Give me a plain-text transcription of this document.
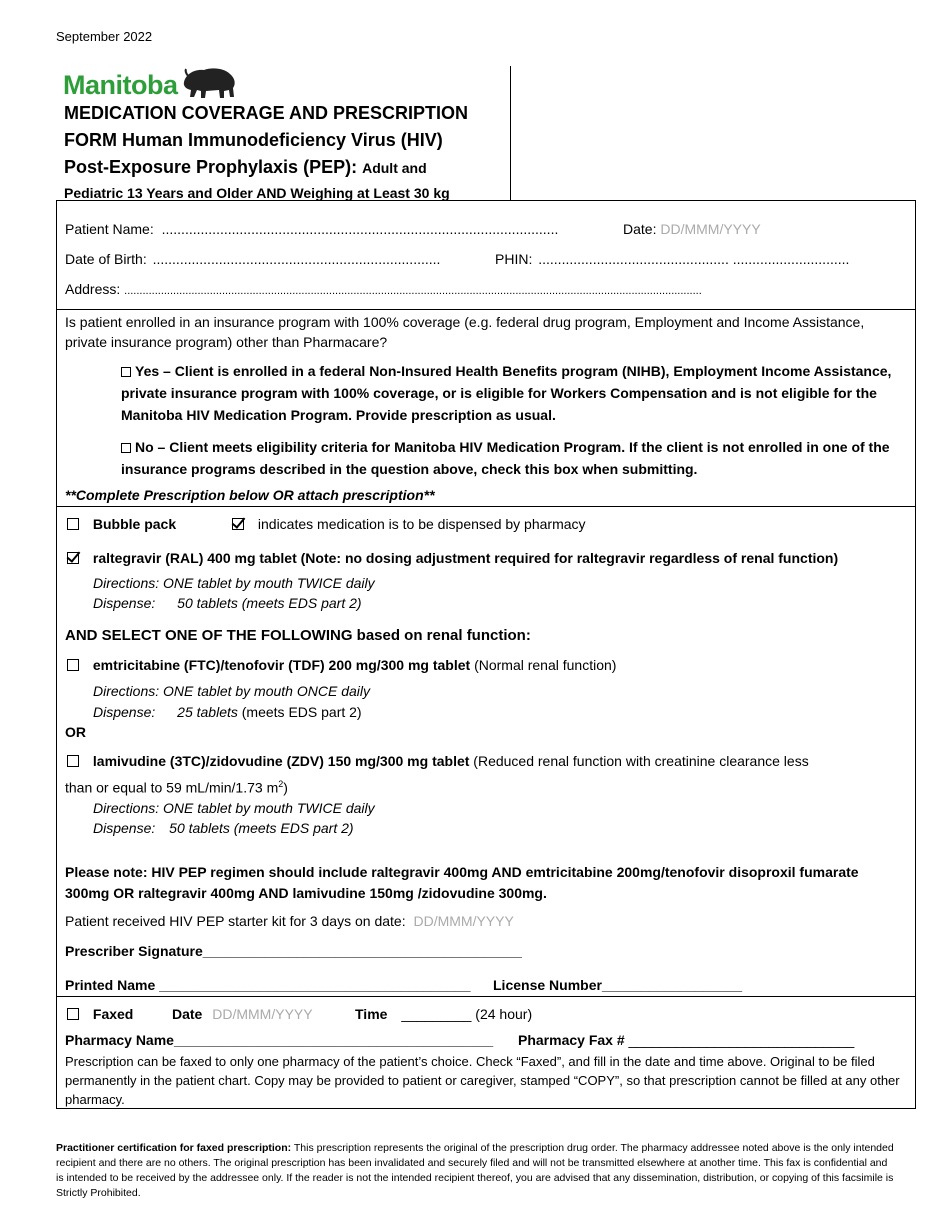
September 2022
Manitoba
MEDICATION COVERAGE AND PRESCRIPTION
FORM Human Immunodeficiency Virus (HIV)
Post-Exposure Prophylaxis (PEP): Adult and
Pediatric 13 Years and Older AND Weighing at Least 30 kg
Patient Name: ......................................................................................................	Date: DD/MMM/YYYY
Date of Birth: ..........................................................................	PHIN: ................................................. ..............................
Address: .............................................................................................................................................................................................
Is patient enrolled in an insurance program with 100% coverage (e.g. federal drug program, Employment and Income Assistance, private insurance program) other than Pharmacare?
Yes – Client is enrolled in a federal Non-Insured Health Benefits program (NIHB), Employment Income Assistance, private insurance program with 100% coverage, or is eligible for Workers Compensation and is not eligible for the Manitoba HIV Medication Program. Provide prescription as usual.
No – Client meets eligibility criteria for Manitoba HIV Medication Program. If the client is not enrolled in one of the insurance programs described in the question above, check this box when submitting.
**Complete Prescription below OR attach prescription**
Bubble pack	indicates medication is to be dispensed by pharmacy
raltegravir (RAL) 400 mg tablet (Note: no dosing adjustment required for raltegravir regardless of renal function)
Directions: ONE tablet by mouth TWICE daily
Dispense: 50 tablets (meets EDS part 2)
AND SELECT ONE OF THE FOLLOWING based on renal function:
emtricitabine (FTC)/tenofovir (TDF) 200 mg/300 mg tablet (Normal renal function)
Directions: ONE tablet by mouth ONCE daily
Dispense: 25 tablets (meets EDS part 2)
OR
lamivudine (3TC)/zidovudine (ZDV) 150 mg/300 mg tablet (Reduced renal function with creatinine clearance less
than or equal to 59 mL/min/1.73 $m^2$)
Directions: ONE tablet by mouth TWICE daily
Dispense: 50 tablets (meets EDS part 2)
Please note: HIV PEP regimen should include raltegravir 400mg AND emtricitabine 200mg/tenofovir disoproxil fumarate 300mg OR raltegravir 400mg AND lamivudine 150mg /zidovudine 300mg.
Patient received HIV PEP starter kit for 3 days on date: DD/MMM/YYYY
Prescriber Signature_________________________________________
Printed Name ________________________________________ License Number__________________
Faxed	Date DD/MMM/YYYY	Time _________ (24 hour)
Pharmacy Name_________________________________________ Pharmacy Fax # _____________________________
Prescription can be faxed to only one pharmacy of the patient’s choice. Check “Faxed”, and fill in the date and time above. Original to be filed permanently in the patient chart. Copy may be provided to patient or caregiver, stamped “COPY”, so that prescription cannot be filled at any other pharmacy.
Practitioner certification for faxed prescription: This prescription represents the original of the prescription drug order. The pharmacy addressee noted above is the only intended recipient and there are no others. The original prescription has been invalidated and securely filed and will not be transmitted elsewhere at another time. This fax is confidential and is intended to be received by the addressee only. If the reader is not the intended recipient thereof, you are advised that any dissemination, distribution, or copying of this facsimile is Strictly Prohibited.
